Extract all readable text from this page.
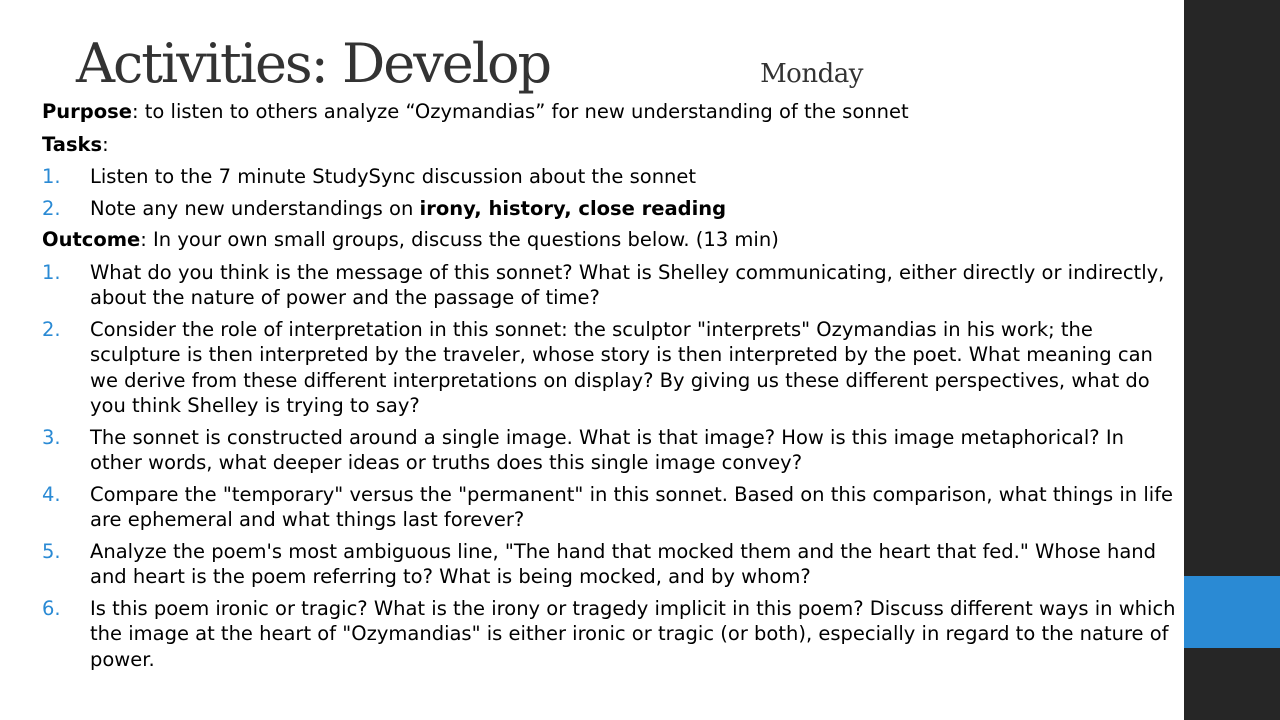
Activities: Develop	Monday
Purpose: to listen to others analyze “Ozymandias” for new understanding of the sonnet
Tasks:
1.	Listen to the 7 minute StudySync discussion about the sonnet
2.	Note any new understandings on irony, history, close reading
Outcome: In your own small groups, discuss the questions below. (13 min)
1.	What do you think is the message of this sonnet? What is Shelley communicating, either directly or indirectly, about the nature of power and the passage of time?
2.	Consider the role of interpretation in this sonnet: the sculptor "interprets" Ozymandias in his work; the sculpture is then interpreted by the traveler, whose story is then interpreted by the poet. What meaning can we derive from these different interpretations on display? By giving us these different perspectives, what do you think Shelley is trying to say?
3.	The sonnet is constructed around a single image. What is that image? How is this image metaphorical? In other words, what deeper ideas or truths does this single image convey?
4.	Compare the "temporary" versus the "permanent" in this sonnet. Based on this comparison, what things in life are ephemeral and what things last forever?
5.	Analyze the poem's most ambiguous line, "The hand that mocked them and the heart that fed." Whose hand and heart is the poem referring to? What is being mocked, and by whom?
6.	Is this poem ironic or tragic? What is the irony or tragedy implicit in this poem? Discuss different ways in which the image at the heart of "Ozymandias" is either ironic or tragic (or both), especially in regard to the nature of power.
